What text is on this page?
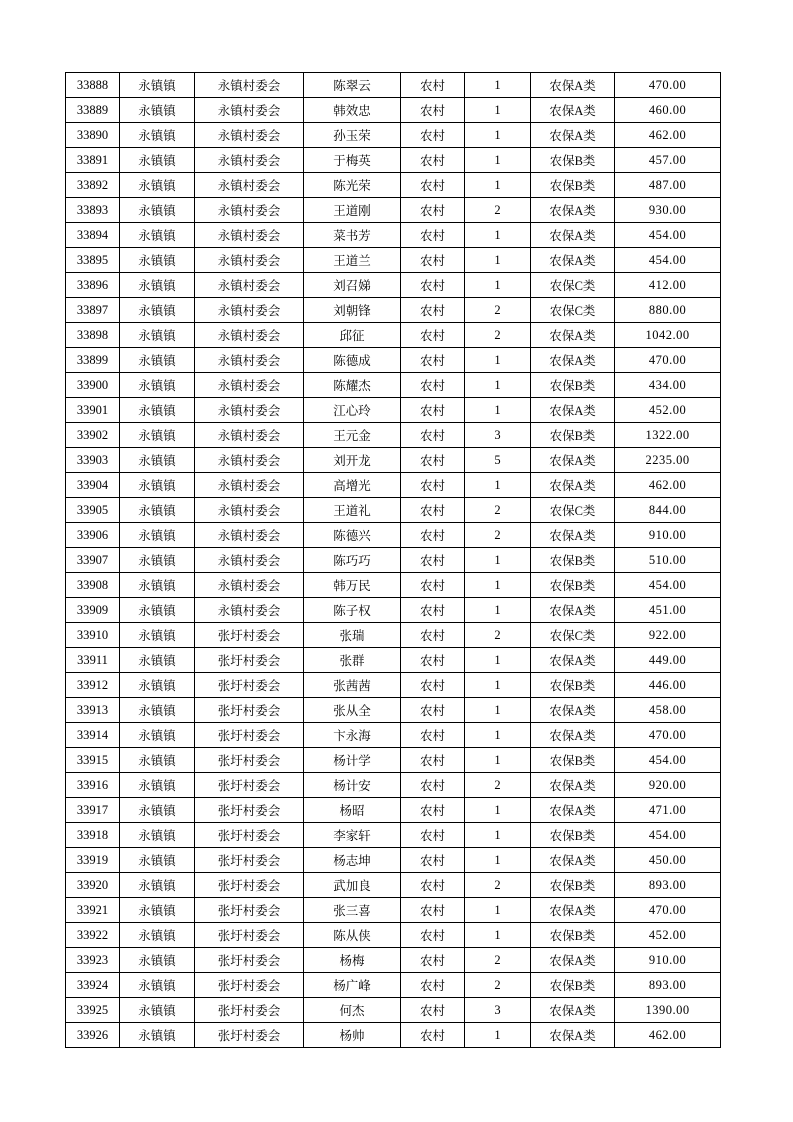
33888	永镇镇	永镇村委会	陈翠云	农村	1	农保A类	470.00
33889	永镇镇	永镇村委会	韩效忠	农村	1	农保A类	460.00
33890	永镇镇	永镇村委会	孙玉荣	农村	1	农保A类	462.00
33891	永镇镇	永镇村委会	于梅英	农村	1	农保B类	457.00
33892	永镇镇	永镇村委会	陈光荣	农村	1	农保B类	487.00
33893	永镇镇	永镇村委会	王道刚	农村	2	农保A类	930.00
33894	永镇镇	永镇村委会	菜书芳	农村	1	农保A类	454.00
33895	永镇镇	永镇村委会	王道兰	农村	1	农保A类	454.00
33896	永镇镇	永镇村委会	刘召娣	农村	1	农保C类	412.00
33897	永镇镇	永镇村委会	刘朝锋	农村	2	农保C类	880.00
33898	永镇镇	永镇村委会	邱征	农村	2	农保A类	1042.00
33899	永镇镇	永镇村委会	陈德成	农村	1	农保A类	470.00
33900	永镇镇	永镇村委会	陈耀杰	农村	1	农保B类	434.00
33901	永镇镇	永镇村委会	江心玲	农村	1	农保A类	452.00
33902	永镇镇	永镇村委会	王元金	农村	3	农保B类	1322.00
33903	永镇镇	永镇村委会	刘开龙	农村	5	农保A类	2235.00
33904	永镇镇	永镇村委会	高增光	农村	1	农保A类	462.00
33905	永镇镇	永镇村委会	王道礼	农村	2	农保C类	844.00
33906	永镇镇	永镇村委会	陈德兴	农村	2	农保A类	910.00
33907	永镇镇	永镇村委会	陈巧巧	农村	1	农保B类	510.00
33908	永镇镇	永镇村委会	韩万民	农村	1	农保B类	454.00
33909	永镇镇	永镇村委会	陈子权	农村	1	农保A类	451.00
33910	永镇镇	张圩村委会	张瑞	农村	2	农保C类	922.00
33911	永镇镇	张圩村委会	张群	农村	1	农保A类	449.00
33912	永镇镇	张圩村委会	张茜茜	农村	1	农保B类	446.00
33913	永镇镇	张圩村委会	张从全	农村	1	农保A类	458.00
33914	永镇镇	张圩村委会	卞永海	农村	1	农保A类	470.00
33915	永镇镇	张圩村委会	杨计学	农村	1	农保B类	454.00
33916	永镇镇	张圩村委会	杨计安	农村	2	农保A类	920.00
33917	永镇镇	张圩村委会	杨昭	农村	1	农保A类	471.00
33918	永镇镇	张圩村委会	李家轩	农村	1	农保B类	454.00
33919	永镇镇	张圩村委会	杨志坤	农村	1	农保A类	450.00
33920	永镇镇	张圩村委会	武加良	农村	2	农保B类	893.00
33921	永镇镇	张圩村委会	张三喜	农村	1	农保A类	470.00
33922	永镇镇	张圩村委会	陈从侠	农村	1	农保B类	452.00
33923	永镇镇	张圩村委会	杨梅	农村	2	农保A类	910.00
33924	永镇镇	张圩村委会	杨广峰	农村	2	农保B类	893.00
33925	永镇镇	张圩村委会	何杰	农村	3	农保A类	1390.00
33926	永镇镇	张圩村委会	杨帅	农村	1	农保A类	462.00
